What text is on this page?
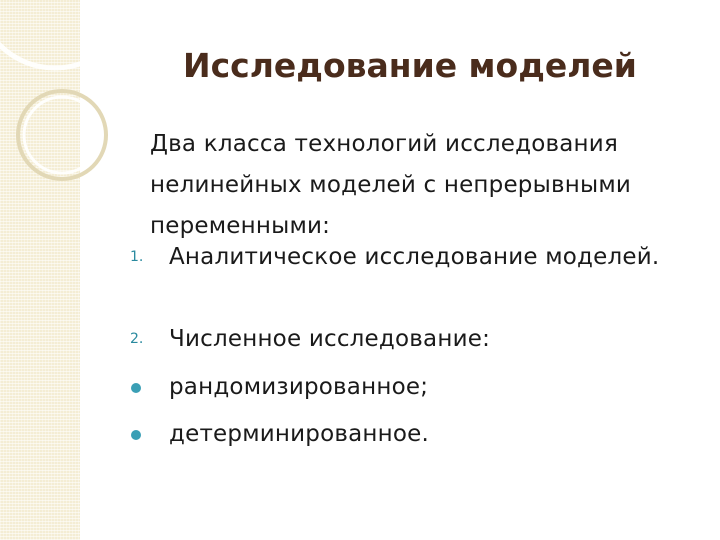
Исследование моделей
Два класса технологий исследования нелинейных моделей с непрерывными переменными:
1. Аналитическое исследование моделей.
2. Численное исследование:
рандомизированное;
детерминированное.
